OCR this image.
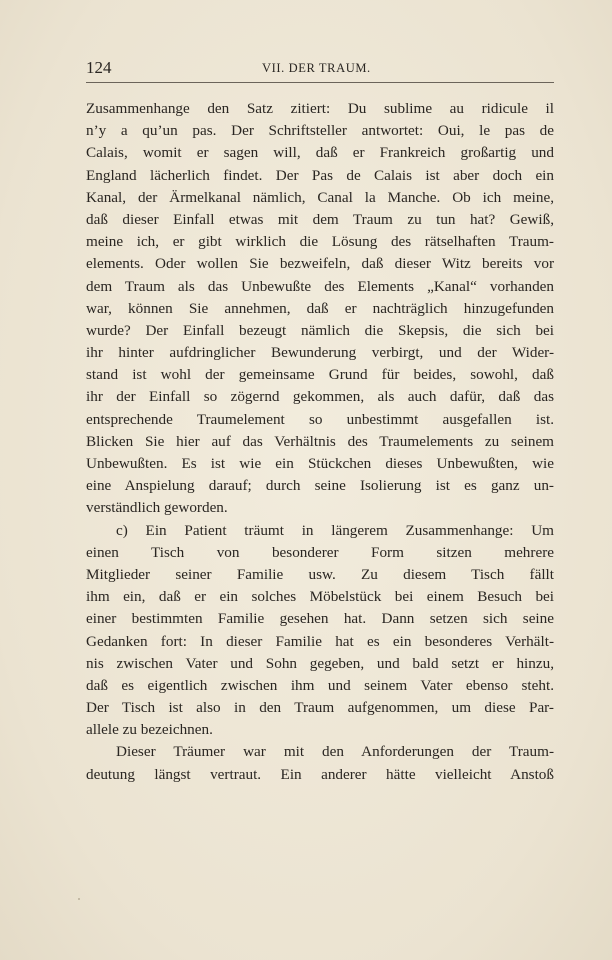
124	VII. DER TRAUM.
Zusammenhange den Satz zitiert: Du sublime au ridicule il
n’y a qu’un pas. Der Schriftsteller antwortet: Oui, le pas de
Calais, womit er sagen will, daß er Frankreich großartig und
England lächerlich findet. Der Pas de Calais ist aber doch ein
Kanal, der Ärmelkanal nämlich, Canal la Manche. Ob ich meine,
daß dieser Einfall etwas mit dem Traum zu tun hat? Gewiß,
meine ich, er gibt wirklich die Lösung des rätselhaften Traum-
elements. Oder wollen Sie bezweifeln, daß dieser Witz bereits vor
dem Traum als das Unbewußte des Elements „Kanal“ vorhanden
war, können Sie annehmen, daß er nachträglich hinzugefunden
wurde? Der Einfall bezeugt nämlich die Skepsis, die sich bei
ihr hinter aufdringlicher Bewunderung verbirgt, und der Wider-
stand ist wohl der gemeinsame Grund für beides, sowohl, daß
ihr der Einfall so zögernd gekommen, als auch dafür, daß das
entsprechende Traumelement so unbestimmt ausgefallen ist.
Blicken Sie hier auf das Verhältnis des Traumelements zu seinem
Unbewußten. Es ist wie ein Stückchen dieses Unbewußten, wie
eine Anspielung darauf; durch seine Isolierung ist es ganz un-
verständlich geworden.
c) Ein Patient träumt in längerem Zusammenhange: Um
einen Tisch von besonderer Form sitzen mehrere
Mitglieder seiner Familie usw. Zu diesem Tisch fällt
ihm ein, daß er ein solches Möbelstück bei einem Besuch bei
einer bestimmten Familie gesehen hat. Dann setzen sich seine
Gedanken fort: In dieser Familie hat es ein besonderes Verhält-
nis zwischen Vater und Sohn gegeben, und bald setzt er hinzu,
daß es eigentlich zwischen ihm und seinem Vater ebenso steht.
Der Tisch ist also in den Traum aufgenommen, um diese Par-
allele zu bezeichnen.
Dieser Träumer war mit den Anforderungen der Traum-
deutung längst vertraut. Ein anderer hätte vielleicht Anstoß
